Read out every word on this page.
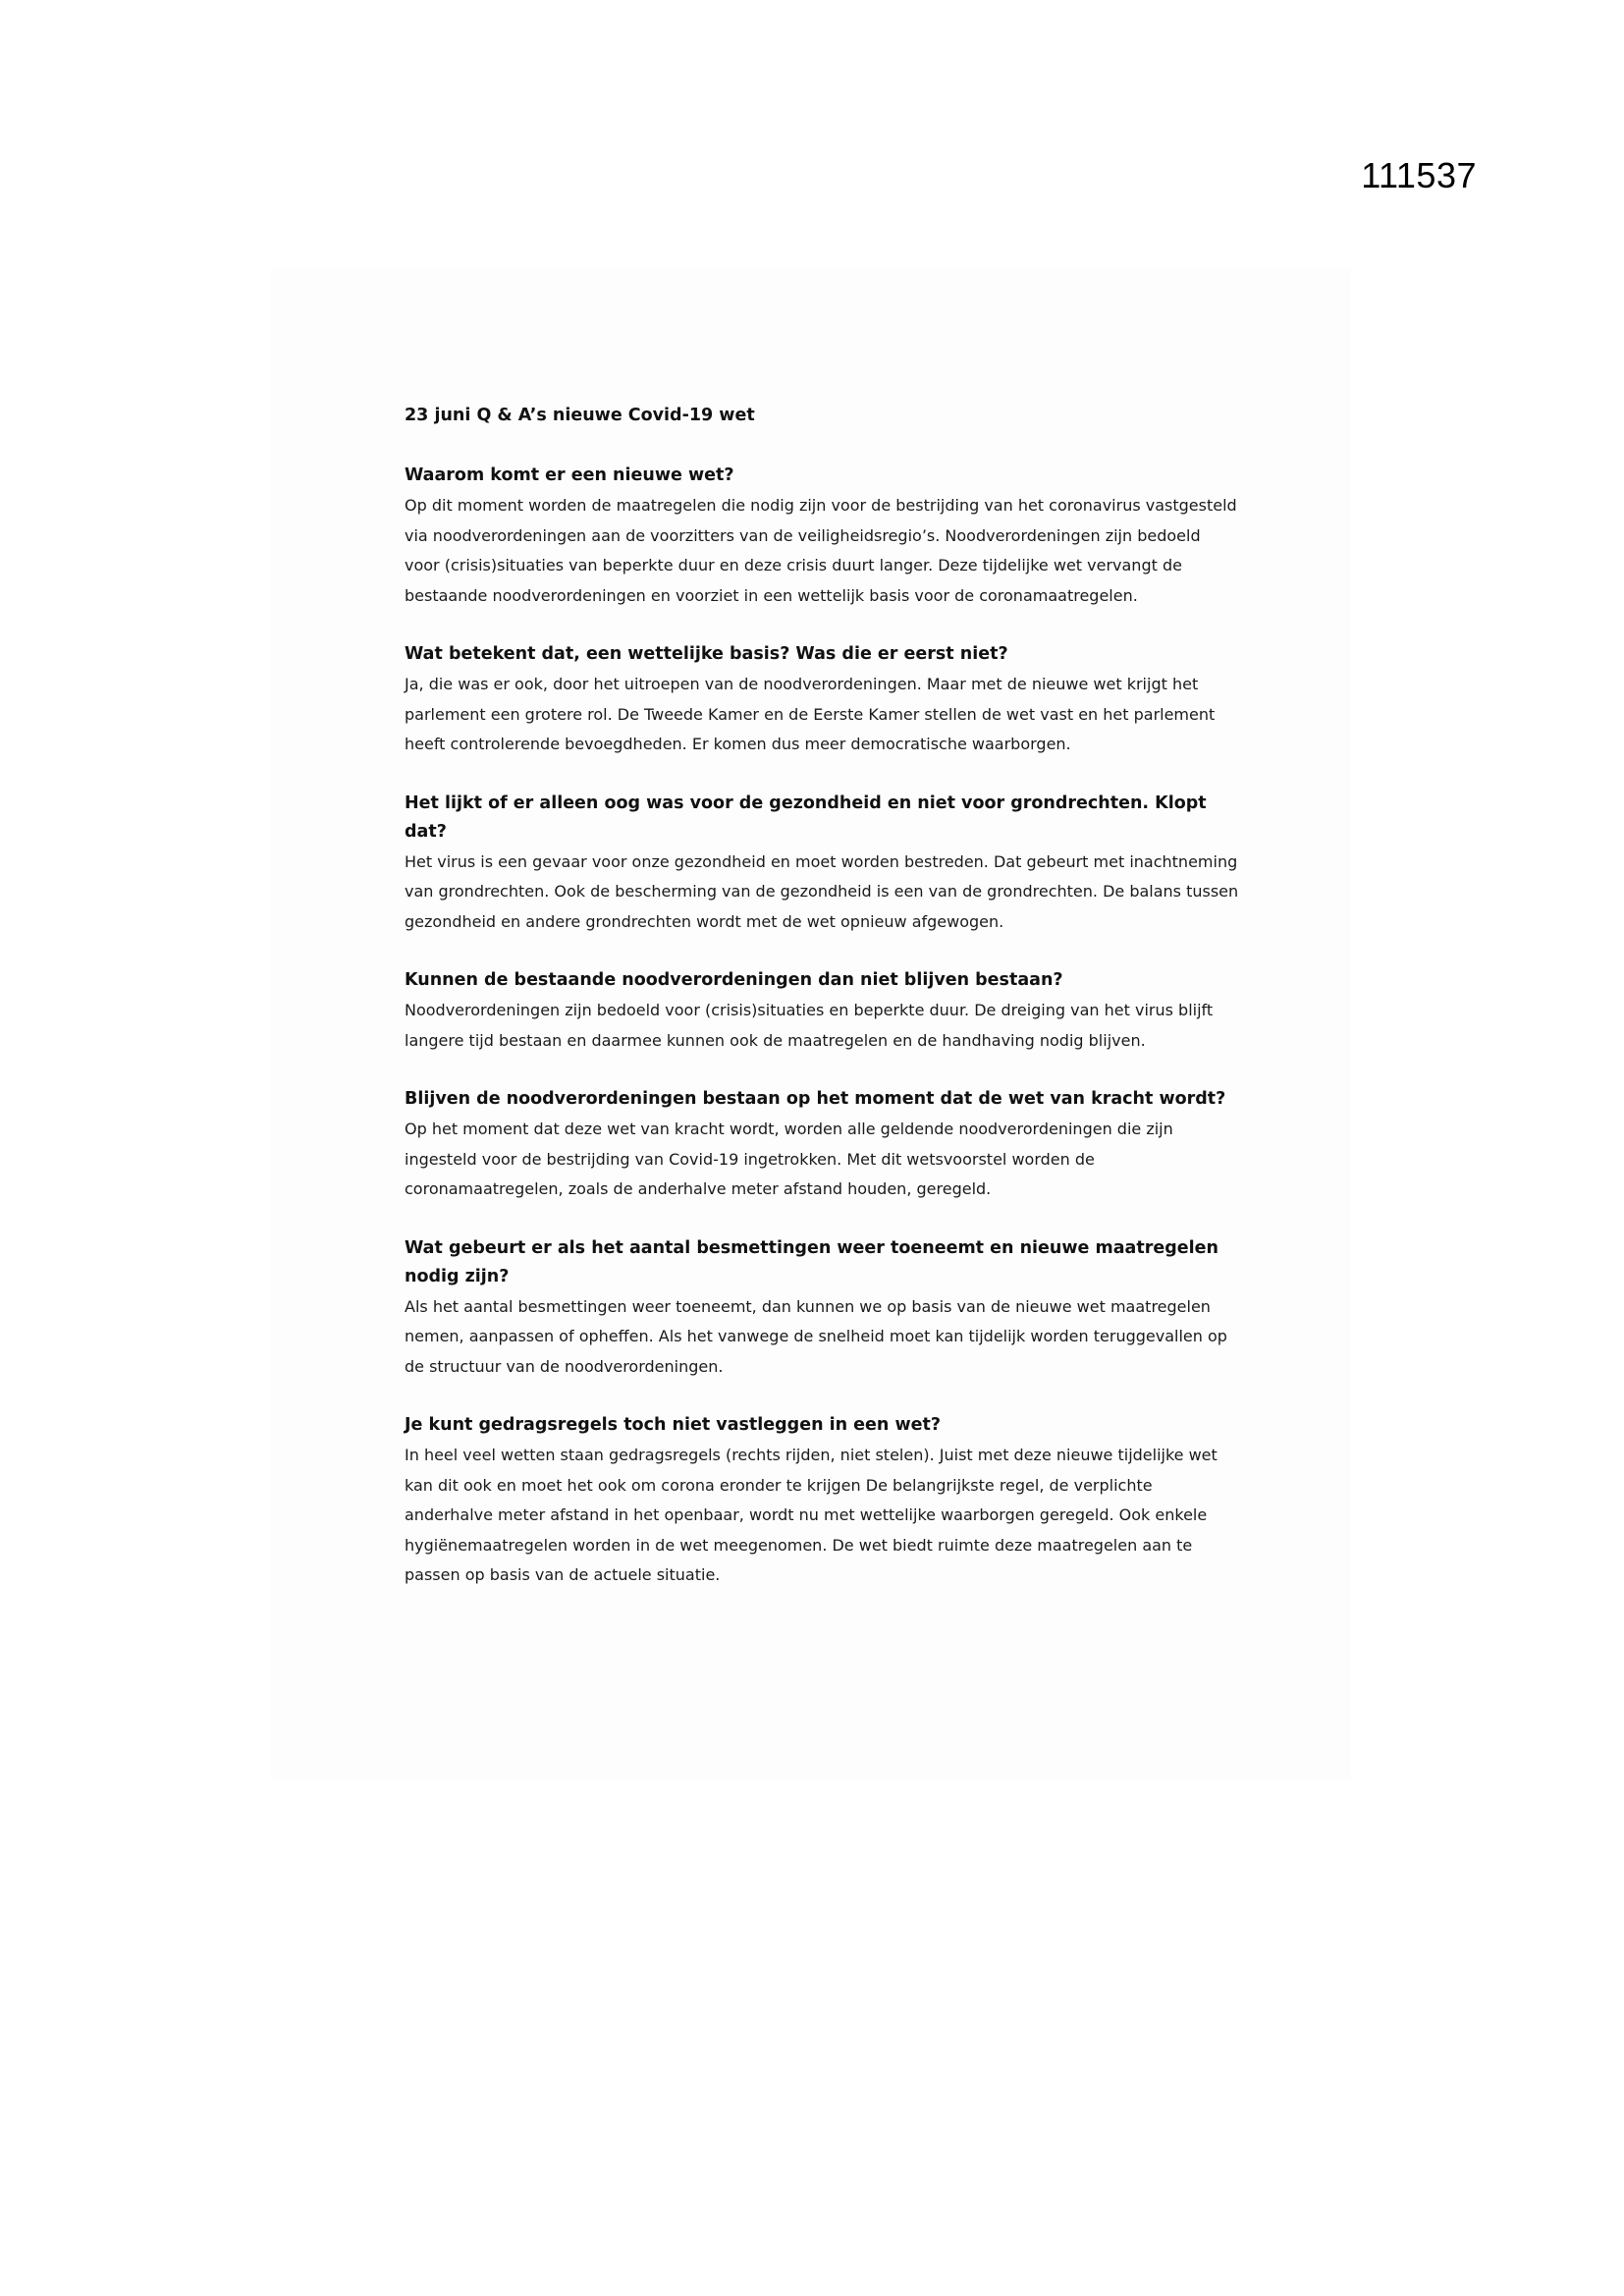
111537
23 juni Q & A’s nieuwe Covid-19 wet
Waarom komt er een nieuwe wet?

Op dit moment worden de maatregelen die nodig zijn voor de bestrijding van het coronavirus vastgesteld via noodverordeningen aan de voorzitters van de veiligheidsregio’s. Noodverordeningen zijn bedoeld voor (crisis)situaties van beperkte duur en deze crisis duurt langer. Deze tijdelijke wet vervangt de bestaande noodverordeningen en voorziet in een wettelijk basis voor de coronamaatregelen.

Wat betekent dat, een wettelijke basis? Was die er eerst niet?

Ja, die was er ook, door het uitroepen van de noodverordeningen. Maar met de nieuwe wet krijgt het parlement een grotere rol. De Tweede Kamer en de Eerste Kamer stellen de wet vast en het parlement heeft controlerende bevoegdheden. Er komen dus meer democratische waarborgen.

Het lijkt of er alleen oog was voor de gezondheid en niet voor grondrechten. Klopt dat?

Het virus is een gevaar voor onze gezondheid en moet worden bestreden. Dat gebeurt met inachtneming van grondrechten. Ook de bescherming van de gezondheid is een van de grondrechten. De balans tussen gezondheid en andere grondrechten wordt met de wet opnieuw afgewogen.

Kunnen de bestaande noodverordeningen dan niet blijven bestaan?

Noodverordeningen zijn bedoeld voor (crisis)situaties en beperkte duur. De dreiging van het virus blijft langere tijd bestaan en daarmee kunnen ook de maatregelen en de handhaving nodig blijven.

Blijven de noodverordeningen bestaan op het moment dat de wet van kracht wordt?

Op het moment dat deze wet van kracht wordt, worden alle geldende noodverordeningen die zijn ingesteld voor de bestrijding van Covid-19 ingetrokken. Met dit wetsvoorstel worden de coronamaatregelen, zoals de anderhalve meter afstand houden, geregeld.

Wat gebeurt er als het aantal besmettingen weer toeneemt en nieuwe maatregelen nodig zijn?

Als het aantal besmettingen weer toeneemt, dan kunnen we op basis van de nieuwe wet maatregelen nemen, aanpassen of opheffen. Als het vanwege de snelheid moet kan tijdelijk worden teruggevallen op de structuur van de noodverordeningen.

Je kunt gedragsregels toch niet vastleggen in een wet?

In heel veel wetten staan gedragsregels (rechts rijden, niet stelen). Juist met deze nieuwe tijdelijke wet kan dit ook en moet het ook om corona eronder te krijgen De belangrijkste regel, de verplichte anderhalve meter afstand in het openbaar, wordt nu met wettelijke waarborgen geregeld. Ook enkele hygiënemaatregelen worden in de wet meegenomen. De wet biedt ruimte deze maatregelen aan te passen op basis van de actuele situatie.
